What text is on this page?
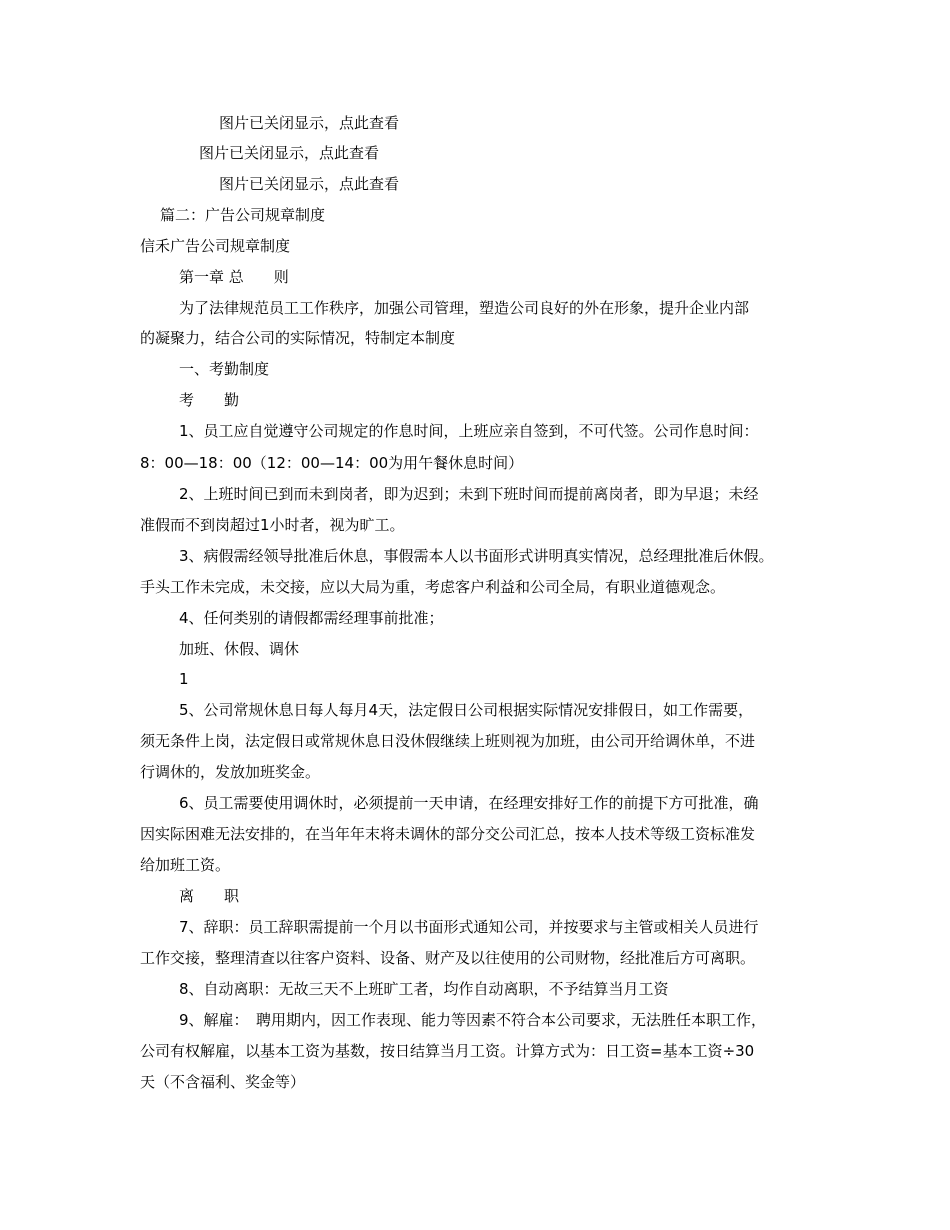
图片已关闭显示，点此查看
图片已关闭显示，点此查看
图片已关闭显示，点此查看
篇二：广告公司规章制度
信禾广告公司规章制度
第一章 总　　则
为了法律规范员工工作秩序，加强公司管理，塑造公司良好的外在形象，提升企业内部
的凝聚力，结合公司的实际情况，特制定本制度
一、考勤制度
考　　勤
1、员工应自觉遵守公司规定的作息时间，上班应亲自签到，不可代签。公司作息时间：
8：00—18：00（12：00—14：00为用午餐休息时间）
2、上班时间已到而未到岗者，即为迟到；未到下班时间而提前离岗者，即为早退；未经
准假而不到岗超过1小时者，视为旷工。
3、病假需经领导批准后休息，事假需本人以书面形式讲明真实情况，总经理批准后休假。
手头工作未完成，未交接，应以大局为重，考虑客户利益和公司全局，有职业道德观念。
4、任何类别的请假都需经理事前批准；
加班、休假、调休
1
5、公司常规休息日每人每月4天，法定假日公司根据实际情况安排假日，如工作需要，
须无条件上岗，法定假日或常规休息日没休假继续上班则视为加班，由公司开给调休单，不进
行调休的，发放加班奖金。
6、员工需要使用调休时，必须提前一天申请，在经理安排好工作的前提下方可批准，确
因实际困难无法安排的，在当年年末将未调休的部分交公司汇总，按本人技术等级工资标准发
给加班工资。
离　　职
7、辞职：员工辞职需提前一个月以书面形式通知公司，并按要求与主管或相关人员进行
工作交接，整理清查以往客户资料、设备、财产及以往使用的公司财物，经批准后方可离职。
8、自动离职：无故三天不上班旷工者，均作自动离职，不予结算当月工资
9、解雇：　聘用期内，因工作表现、能力等因素不符合本公司要求，无法胜任本职工作，
公司有权解雇，以基本工资为基数，按日结算当月工资。计算方式为：日工资=基本工资÷30
天（不含福利、奖金等）
